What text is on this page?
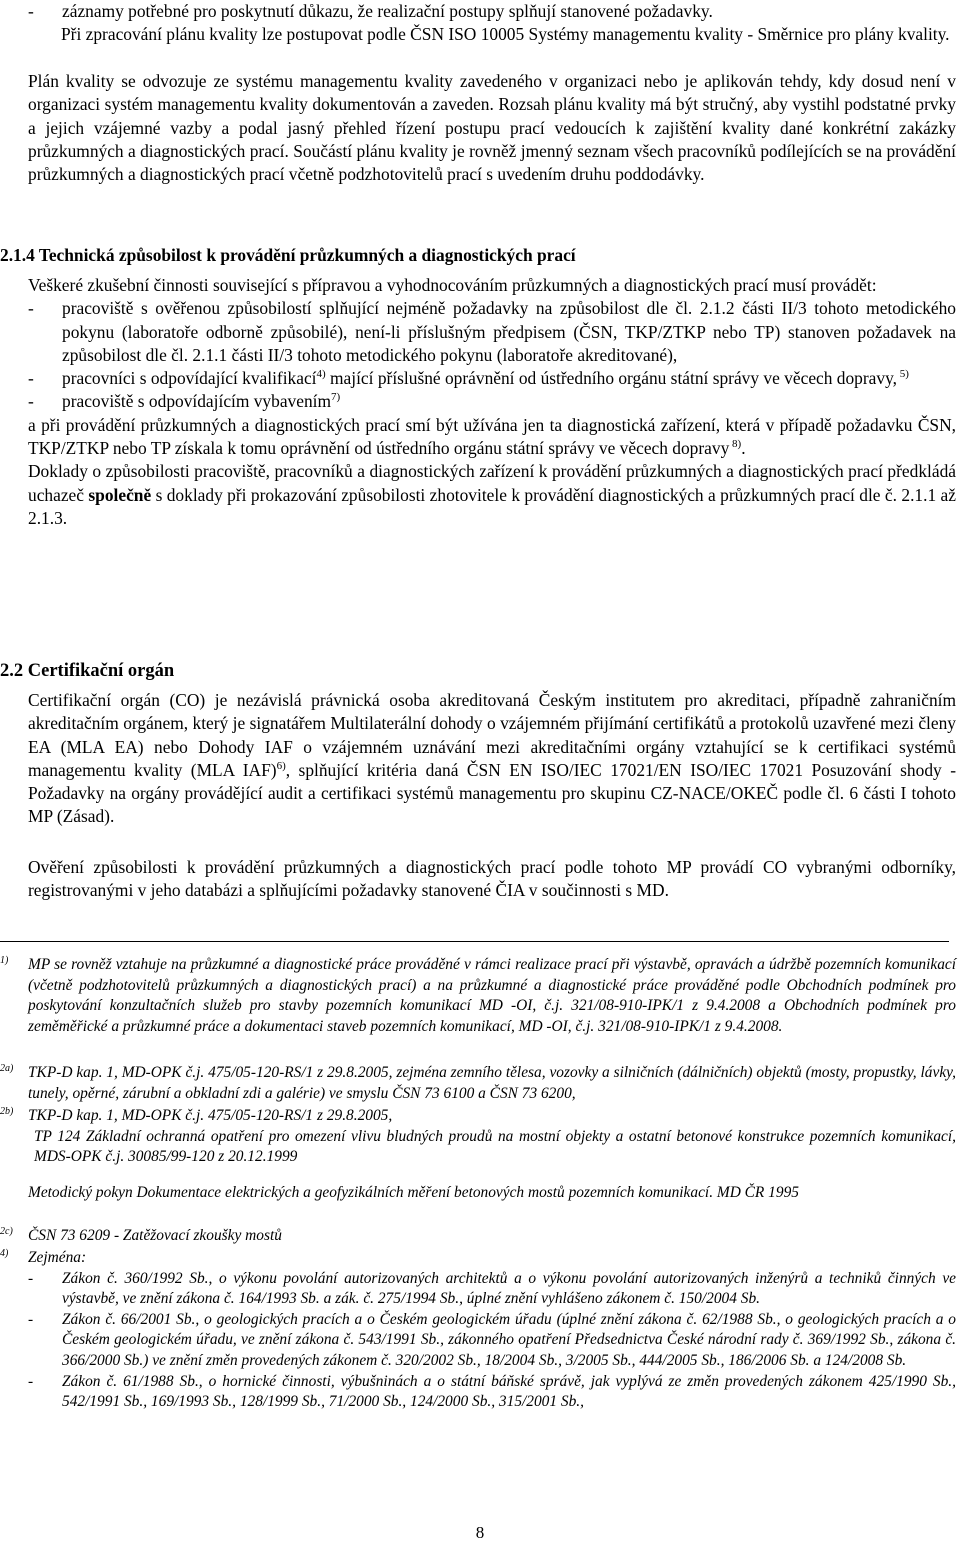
- záznamy potřebné pro poskytnutí důkazu, že realizační postupy splňují stanovené požadavky.

Při zpracování plánu kvality lze postupovat podle ČSN ISO 10005 Systémy managementu kvality - Směrnice pro plány kvality.

Plán kvality se odvozuje ze systému managementu kvality zavedeného v organizaci nebo je aplikován tehdy, kdy dosud není v organizaci systém managementu kvality dokumentován a zaveden. Rozsah plánu kvality má být stručný, aby vystihl podstatné prvky a jejich vzájemné vazby a podal jasný přehled řízení postupu prací vedoucích k zajištění kvality dané konkrétní zakázky průzkumných a diagnostických prací. Součástí plánu kvality je rovněž jmenný seznam všech pracovníků podílejících se na provádění průzkumných a diagnostických prací včetně podzhotovitelů prací s uvedením druhu poddodávky.

2.1.4 Technická způsobilost k provádění průzkumných a diagnostických prací

Veškeré zkušební činnosti související s přípravou a vyhodnocováním průzkumných a diagnostických prací musí provádět:

- pracoviště s ověřenou způsobilostí splňující nejméně požadavky na způsobilost dle čl. 2.1.2 části II/3 tohoto metodického pokynu (laboratoře odborně způsobilé), není-li příslušným předpisem (ČSN, TKP/ZTKP nebo TP) stanoven požadavek na způsobilost dle čl. 2.1.1 části II/3 tohoto metodického pokynu (laboratoře akreditované),

- pracovníci s odpovídající kvalifikací$^{4)}$ mající příslušné oprávnění od ústředního orgánu státní správy ve věcech dopravy, $^{5)}$

- pracoviště s odpovídajícím vybavením$^{7)}$

a při provádění průzkumných a diagnostických prací smí být užívána jen ta diagnostická zařízení, která v případě požadavku ČSN, TKP/ZTKP nebo TP získala k tomu oprávnění od ústředního orgánu státní správy ve věcech dopravy $^{8)}$.

Doklady o způsobilosti pracoviště, pracovníků a diagnostických zařízení k provádění průzkumných a diagnostických prací předkládá uchazeč společně s doklady při prokazování způsobilosti zhotovitele k provádění diagnostických a průzkumných prací dle č. 2.1.1 až 2.1.3.

2.2 Certifikační orgán

Certifikační orgán (CO) je nezávislá právnická osoba akreditovaná Českým institutem pro akreditaci, případně zahraničním akreditačním orgánem, který je signatářem Multilaterální dohody o vzájemném přijímání certifikátů a protokolů uzavřené mezi členy EA (MLA EA) nebo Dohody IAF o vzájemném uznávání mezi akreditačními orgány vztahující se k certifikaci systémů managementu kvality (MLA IAF)$^{6)}$, splňující kritéria daná ČSN EN ISO/IEC 17021/EN ISO/IEC 17021 Posuzování shody - Požadavky na orgány provádějící audit a certifikaci systémů managementu pro skupinu CZ-NACE/OKEČ podle čl. 6 části I tohoto MP (Zásad).

Ověření způsobilosti k provádění průzkumných a diagnostických prací podle tohoto MP provádí CO vybranými odborníky, registrovanými v jeho databázi a splňujícími požadavky stanovené ČIA v součinnosti s MD.

1)	MP se rovněž vztahuje na průzkumné a diagnostické práce prováděné v rámci realizace prací při výstavbě, opravách a údržbě pozemních komunikací (včetně podzhotovitelů průzkumných a diagnostických prací) a na průzkumné a diagnostické práce prováděné podle Obchodních podmínek pro poskytování konzultačních služeb pro stavby pozemních komunikací MD -OI, č.j. 321/08-910-IPK/1 z 9.4.2008 a Obchodních podmínek pro zeměměřické a průzkumné práce a dokumentaci staveb pozemních komunikací, MD -OI, č.j. 321/08-910-IPK/1 z 9.4.2008.

2a) TKP-D kap. 1, MD-OPK č.j. 475/05-120-RS/1 z 29.8.2005, zejména zemního tělesa, vozovky a silničních (dálničních) objektů (mosty, propustky, lávky, tunely, opěrné, zárubní a obkladní zdi a galérie) ve smyslu ČSN 73 6100 a ČSN 73 6200,

2b) TKP-D kap. 1, MD-OPK č.j. 475/05-120-RS/1 z 29.8.2005,

TP 124 Základní ochranná opatření pro omezení vlivu bludných proudů na mostní objekty a ostatní betonové konstrukce pozemních komunikací, MDS-OPK č.j. 30085/99-120 z 20.12.1999

Metodický pokyn Dokumentace elektrických a geofyzikálních měření betonových mostů pozemních komunikací. MD ČR 1995

2c) ČSN 73 6209 - Zatěžovací zkoušky mostů

4)	Zejména:

- Zákon č. 360/1992 Sb., o výkonu povolání autorizovaných architektů a o výkonu povolání autorizovaných inženýrů a techniků činných ve výstavbě, ve znění zákona č. 164/1993 Sb. a zák. č. 275/1994 Sb., úplné znění vyhlášeno zákonem č. 150/2004 Sb.

- Zákon č. 66/2001 Sb., o geologických pracích a o Českém geologickém úřadu (úplné znění zákona č. 62/1988 Sb., o geologických pracích a o Českém geologickém úřadu, ve znění zákona č. 543/1991 Sb., zákonného opatření Předsednictva České národní rady č. 369/1992 Sb., zákona č. 366/2000 Sb.) ve znění změn provedených zákonem č. 320/2002 Sb., 18/2004 Sb., 3/2005 Sb., 444/2005 Sb., 186/2006 Sb. a 124/2008 Sb.

- Zákon č. 61/1988 Sb., o hornické činnosti, výbušninách a o státní báňské správě, jak vyplývá ze změn provedených zákonem 425/1990 Sb., 542/1991 Sb., 169/1993 Sb., 128/1999 Sb., 71/2000 Sb., 124/2000 Sb., 315/2001 Sb.,

8
